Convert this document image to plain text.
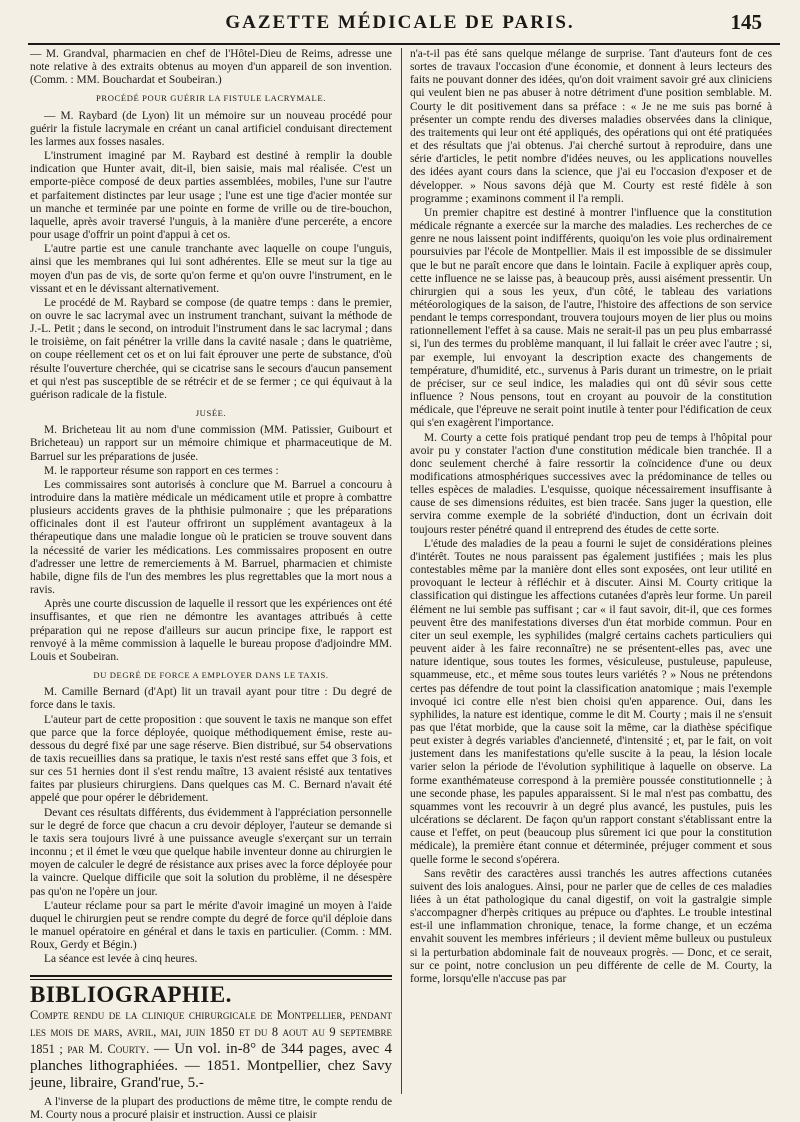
GAZETTE MÉDICALE DE PARIS.	145

— M. Grandval, pharmacien en chef de l'Hôtel-Dieu de Reims, adresse une note relative à des extraits obtenus au moyen d'un appareil de son invention. (Comm. : MM. Bouchardat et Soubeiran.)

PROCÉDÉ POUR GUÉRIR LA FISTULE LACRYMALE.

— M. Raybard (de Lyon) lit un mémoire sur un nouveau procédé pour guérir la fistule lacrymale en créant un canal artificiel conduisant directement les larmes aux fosses nasales.

L'instrument imaginé par M. Raybard est destiné à remplir la double indication que Hunter avait, dit-il, bien saisie, mais mal réalisée. C'est un emporte-pièce composé de deux parties assemblées, mobiles, l'une sur l'autre et parfaitement distinctes par leur usage ; l'une est une tige d'acier montée sur un manche et terminée par une pointe en forme de vrille ou de tire-bouchon, laquelle, après avoir traversé l'unguis, à la manière d'une perceréte, a encore pour usage d'offrir un point d'appui à cet os.

L'autre partie est une canule tranchante avec laquelle on coupe l'unguis, ainsi que les membranes qui lui sont adhérentes. Elle se meut sur la tige au moyen d'un pas de vis, de sorte qu'on ferme et qu'on ouvre l'instrument, en le vissant et en le dévissant alternativement.

Le procédé de M. Raybard se compose (de quatre temps : dans le premier, on ouvre le sac lacrymal avec un instrument tranchant, suivant la méthode de J.-L. Petit ; dans le second, on introduit l'instrument dans le sac lacrymal ; dans le troisième, on fait pénétrer la vrille dans la cavité nasale ; dans le quatrième, on coupe réellement cet os et on lui fait éprouver une perte de substance, d'où résulte l'ouverture cherchée, qui se cicatrise sans le secours d'aucun pansement et qui n'est pas susceptible de se rétrécir et de se fermer ; ce qui équivaut à la guérison radicale de la fistule.

JUSÉE.

M. Bricheteau lit au nom d'une commission (MM. Patissier, Guibourt et Bricheteau) un rapport sur un mémoire chimique et pharmaceutique de M. Barruel sur les préparations de jusée.

M. le rapporteur résume son rapport en ces termes :

Les commissaires sont autorisés à conclure que M. Barruel a concouru à introduire dans la matière médicale un médicament utile et propre à combattre plusieurs accidents graves de la phthisie pulmonaire ; que les préparations officinales dont il est l'auteur offriront un supplément avantageux à la thérapeutique dans une maladie longue où le praticien se trouve souvent dans la nécessité de varier les médications. Les commissaires proposent en outre d'adresser une lettre de remerciements à M. Barruel, pharmacien et chimiste habile, digne fils de l'un des membres les plus regrettables que la mort nous a ravis.

Après une courte discussion de laquelle il ressort que les expériences ont été insuffisantes, et que rien ne démontre les avantages attribués à cette préparation qui ne repose d'ailleurs sur aucun principe fixe, le rapport est renvoyé à la même commission à laquelle le bureau propose d'adjoindre MM. Louis et Soubeiran.

DU DEGRÉ DE FORCE A EMPLOYER DANS LE TAXIS.

M. Camille Bernard (d'Apt) lit un travail ayant pour titre : Du degré de force dans le taxis.

L'auteur part de cette proposition : que souvent le taxis ne manque son effet que parce que la force déployée, quoique méthodiquement émise, reste au-dessous du degré fixé par une sage réserve. Bien distribué, sur 54 observations de taxis recueillies dans sa pratique, le taxis n'est resté sans effet que 3 fois, et sur ces 51 hernies dont il s'est rendu maître, 13 avaient résisté aux tentatives faites par plusieurs chirurgiens. Dans quelques cas M. C. Bernard n'avait été appelé que pour opérer le débridement.

Devant ces résultats différents, dus évidemment à l'appréciation personnelle sur le degré de force que chacun a cru devoir déployer, l'auteur se demande si le taxis sera toujours livré à une puissance aveugle s'exerçant sur un terrain inconnu ; et il émet le vœu que quelque habile inventeur donne au chirurgien le moyen de calculer le degré de résistance aux prises avec la force déployée pour la vaincre. Quelque difficile que soit la solution du problème, il ne désespère pas qu'on ne l'opère un jour.

L'auteur réclame pour sa part le mérite d'avoir imaginé un moyen à l'aide duquel le chirurgien peut se rendre compte du degré de force qu'il déploie dans le manuel opératoire en général et dans le taxis en particulier. (Comm. : MM. Roux, Gerdy et Bégin.)

La séance est levée à cinq heures.

BIBLIOGRAPHIE.
Compte rendu de la clinique chirurgicale de Montpellier, pendant les mois de mars, avril, mai, juin 1850 et du 8 aout au 9 septembre 1851 ; par M. Courty. — Un vol. in-8° de 344 pages, avec 4 planches lithographiées. — 1851. Montpellier, chez Savy jeune, libraire, Grand'rue, 5.-

A l'inverse de la plupart des productions de même titre, le compte rendu de M. Courty nous a procuré plaisir et instruction. Aussi ce plaisir

n'a-t-il pas été sans quelque mélange de surprise. Tant d'auteurs font de ces sortes de travaux l'occasion d'une économie, et donnent à leurs lecteurs des faits ne pouvant donner des idées, qu'on doit vraiment savoir gré aux cliniciens qui veulent bien ne pas abuser à notre détriment d'une position semblable. M. Courty le dit positivement dans sa préface : « Je ne me suis pas borné à présenter un compte rendu des diverses maladies observées dans la clinique, des traitements qui leur ont été appliqués, des opérations qui ont été pratiquées et des résultats que j'ai obtenus. J'ai cherché surtout à reproduire, dans une série d'articles, le petit nombre d'idées neuves, ou les applications nouvelles des idées ayant cours dans la science, que j'ai eu l'occasion d'exposer et de développer. » Nous savons déjà que M. Courty est resté fidèle à son programme ; examinons comment il l'a rempli.

Un premier chapitre est destiné à montrer l'influence que la constitution médicale régnante a exercée sur la marche des maladies. Les recherches de ce genre ne nous laissent point indifférents, quoiqu'on les voie plus ordinairement poursuivies par l'école de Montpellier. Mais il est impossible de se dissimuler que le but ne paraît encore que dans le lointain. Facile à expliquer après coup, cette influence ne se laisse pas, à beaucoup près, aussi aisément pressentir. Un chirurgien qui a sous les yeux, d'un côté, le tableau des variations météorologiques de la saison, de l'autre, l'histoire des affections de son service pendant le temps correspondant, trouvera toujours moyen de lier plus ou moins rationnellement l'effet à sa cause. Mais ne serait-il pas un peu plus embarrassé si, l'un des termes du problème manquant, il lui fallait le créer avec l'autre ; si, par exemple, lui envoyant la description exacte des changements de température, d'humidité, etc., survenus à Paris durant un trimestre, on le priait de préciser, sur ce seul indice, les maladies qui ont dû sévir sous cette influence ? Nous pensons, tout en croyant au pouvoir de la constitution médicale, que l'épreuve ne serait point inutile à tenter pour l'édification de ceux qui s'en exagèrent l'importance.

M. Courty a cette fois pratiqué pendant trop peu de temps à l'hôpital pour avoir pu y constater l'action d'une constitution médicale bien tranchée. Il a donc seulement cherché à faire ressortir la coïncidence d'une ou deux modifications atmosphériques successives avec la prédominance de telles ou telles espèces de maladies. L'esquisse, quoique nécessairement insuffisante à cause de ses dimensions réduites, est bien tracée. Sans juger la question, elle servira comme exemple de la sobriété d'induction, dont un écrivain doit toujours rester pénétré quand il entreprend des études de cette sorte.

L'étude des maladies de la peau a fourni le sujet de considérations pleines d'intérêt. Toutes ne nous paraissent pas également justifiées ; mais les plus contestables même par la manière dont elles sont exposées, ont leur utilité en provoquant le lecteur à réfléchir et à discuter. Ainsi M. Courty critique la classification qui distingue les affections cutanées d'après leur forme. Un pareil élément ne lui semble pas suffisant ; car « il faut savoir, dit-il, que ces formes peuvent être des manifestations diverses d'un état morbide commun. Pour en citer un seul exemple, les syphilides (malgré certains cachets particuliers qui peuvent aider à les faire reconnaître) ne se présentent-elles pas, avec une nature identique, sous toutes les formes, vésiculeuse, pustuleuse, papuleuse, squammeuse, etc., et même sous toutes leurs variétés ? » Nous ne prétendons certes pas défendre de tout point la classification anatomique ; mais l'exemple invoqué ici contre elle n'est bien choisi qu'en apparence. Oui, dans les syphilides, la nature est identique, comme le dit M. Courty ; mais il ne s'ensuit pas que l'état morbide, que la cause soit la même, car la diathèse spécifique peut exister à degrés variables d'ancienneté, d'intensité ; et, par le fait, on voit justement dans les manifestations qu'elle suscite à la peau, la lésion locale varier selon la période de l'évolution syphilitique à laquelle on observe. La forme exanthémateuse correspond à la première poussée constitutionnelle ; à une seconde phase, les papules apparaissent. Si le mal n'est pas combattu, des squammes vont les recouvrir à un degré plus avancé, les pustules, puis les ulcérations se déclarent. De façon qu'un rapport constant s'établissant entre la cause et l'effet, on peut (beaucoup plus sûrement ici que pour la constitution médicale), la première étant connue et déterminée, préjuger comment et sous quelle forme le second s'opérera.

Sans revêtir des caractères aussi tranchés les autres affections cutanées suivent des lois analogues. Ainsi, pour ne parler que de celles de ces maladies liées à un état pathologique du canal digestif, on voit la gastralgie simple s'accompagner d'herpès critiques au prépuce ou d'aphtes. Le trouble intestinal est-il une inflammation chronique, tenace, la forme change, et un eczéma envahit souvent les membres inférieurs ; il devient même bulleux ou pustuleux si la perturbation abdominale fait de nouveaux progrès. — Donc, et ce serait, sur ce point, notre conclusion un peu différente de celle de M. Courty, la forme, lorsqu'elle n'accuse pas par
